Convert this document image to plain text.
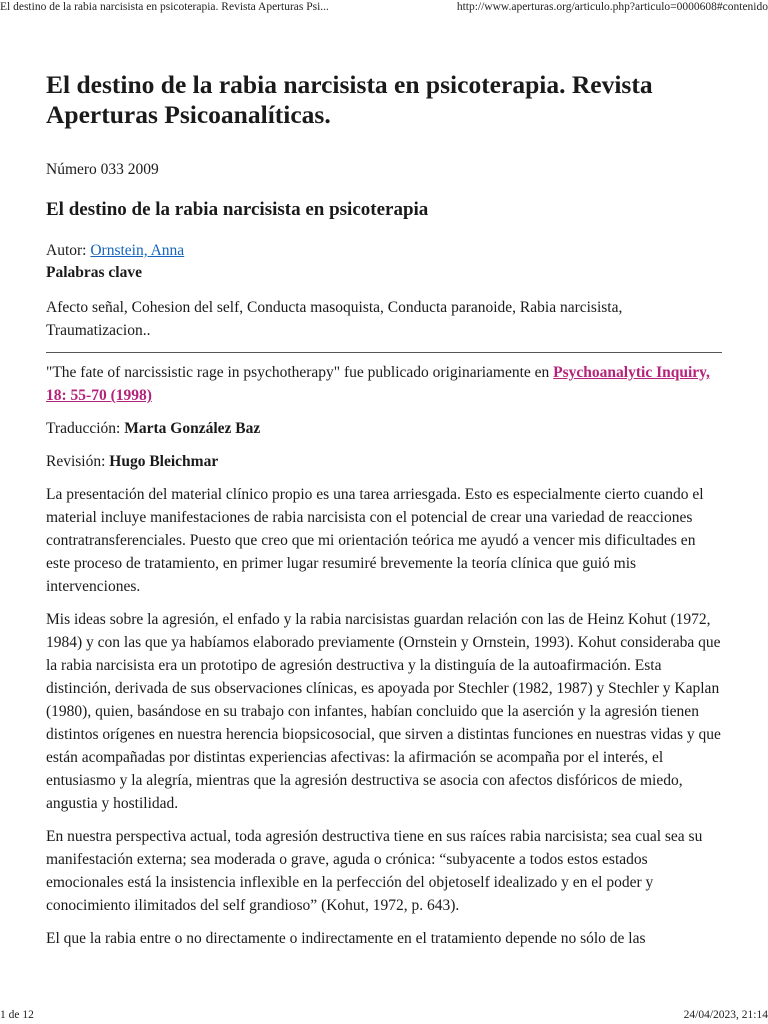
El destino de la rabia narcisista en psicoterapia. Revista Aperturas Psi...	http://www.aperturas.org/articulo.php?articulo=0000608#contenido
El destino de la rabia narcisista en psicoterapia. Revista Aperturas Psicoanalíticas.
Número 033 2009
El destino de la rabia narcisista en psicoterapia
Autor: Ornstein, Anna
Palabras clave
Afecto señal, Cohesion del self, Conducta masoquista, Conducta paranoide, Rabia narcisista, Traumatizacion..

"The fate of narcissistic rage in psychotherapy" fue publicado originariamente en Psychoanalytic Inquiry, 18: 55-70 (1998)

Traducción: Marta González Baz

Revisión: Hugo Bleichmar

La presentación del material clínico propio es una tarea arriesgada. Esto es especialmente cierto cuando el material incluye manifestaciones de rabia narcisista con el potencial de crear una variedad de reacciones contratransferenciales. Puesto que creo que mi orientación teórica me ayudó a vencer mis dificultades en este proceso de tratamiento, en primer lugar resumiré brevemente la teoría clínica que guió mis intervenciones.

Mis ideas sobre la agresión, el enfado y la rabia narcisistas guardan relación con las de Heinz Kohut (1972, 1984) y con las que ya habíamos elaborado previamente (Ornstein y Ornstein, 1993). Kohut consideraba que la rabia narcisista era un prototipo de agresión destructiva y la distinguía de la autoafirmación. Esta distinción, derivada de sus observaciones clínicas, es apoyada por Stechler (1982, 1987) y Stechler y Kaplan (1980), quien, basándose en su trabajo con infantes, habían concluido que la aserción y la agresión tienen distintos orígenes en nuestra herencia biopsicosocial, que sirven a distintas funciones en nuestras vidas y que están acompañadas por distintas experiencias afectivas: la afirmación se acompaña por el interés, el entusiasmo y la alegría, mientras que la agresión destructiva se asocia con afectos disfóricos de miedo, angustia y hostilidad.

En nuestra perspectiva actual, toda agresión destructiva tiene en sus raíces rabia narcisista; sea cual sea su manifestación externa; sea moderada o grave, aguda o crónica: “subyacente a todos estos estados emocionales está la insistencia inflexible en la perfección del objetoself idealizado y en el poder y conocimiento ilimitados del self grandioso” (Kohut, 1972, p. 643).

El que la rabia entre o no directamente o indirectamente en el tratamiento depende no sólo de las

1 de 12	24/04/2023, 21:14
